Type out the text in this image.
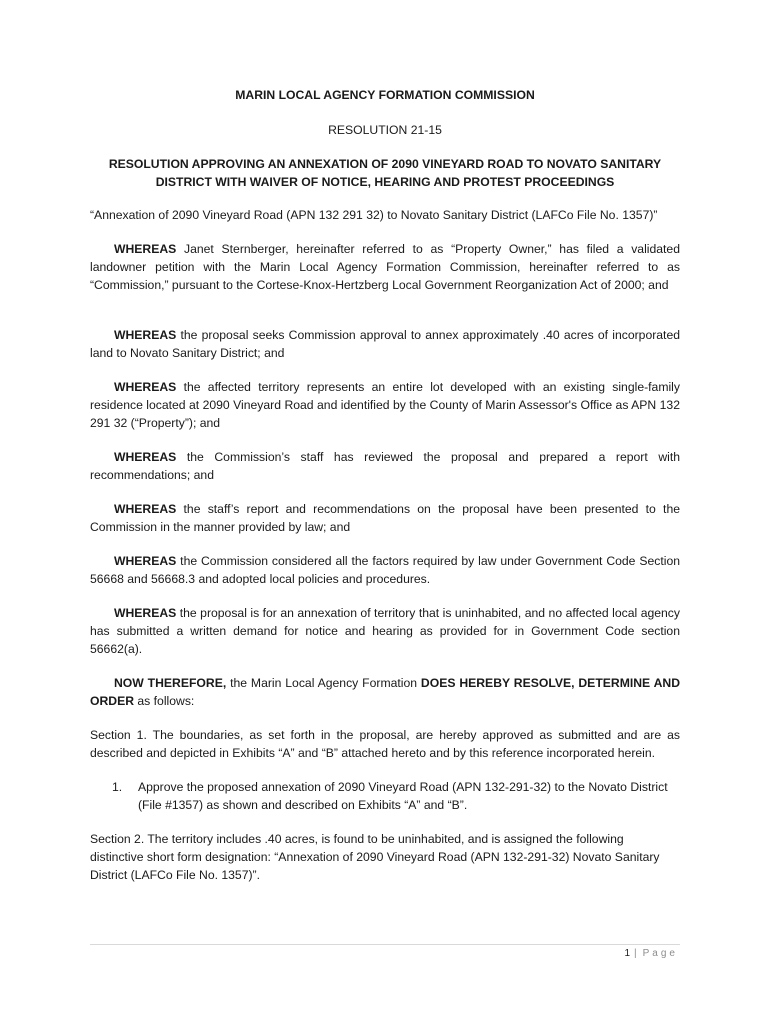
MARIN LOCAL AGENCY FORMATION COMMISSION
RESOLUTION 21-15
RESOLUTION APPROVING AN ANNEXATION OF 2090 VINEYARD ROAD TO NOVATO SANITARY
DISTRICT WITH WAIVER OF NOTICE, HEARING AND PROTEST PROCEEDINGS
“Annexation of 2090 Vineyard Road (APN 132 291 32) to Novato Sanitary District (LAFCo File No. 1357)”
WHEREAS Janet Sternberger, hereinafter referred to as “Property Owner,” has filed a validated landowner petition with the Marin Local Agency Formation Commission, hereinafter referred to as “Commission,” pursuant to the Cortese-Knox-Hertzberg Local Government Reorganization Act of 2000; and
WHEREAS the proposal seeks Commission approval to annex approximately .40 acres of incorporated land to Novato Sanitary District; and
WHEREAS the affected territory represents an entire lot developed with an existing single-family residence located at 2090 Vineyard Road and identified by the County of Marin Assessor's Office as APN 132 291 32 (“Property”); and
WHEREAS the Commission’s staff has reviewed the proposal and prepared a report with recommendations; and
WHEREAS the staff’s report and recommendations on the proposal have been presented to the Commission in the manner provided by law; and
WHEREAS the Commission considered all the factors required by law under Government Code Section 56668 and 56668.3 and adopted local policies and procedures.
WHEREAS the proposal is for an annexation of territory that is uninhabited, and no affected local agency has submitted a written demand for notice and hearing as provided for in Government Code section 56662(a).
NOW THEREFORE, the Marin Local Agency Formation DOES HEREBY RESOLVE, DETERMINE AND ORDER as follows:
Section 1. The boundaries, as set forth in the proposal, are hereby approved as submitted and are as described and depicted in Exhibits “A” and “B” attached hereto and by this reference incorporated herein.
1.	Approve the proposed annexation of 2090 Vineyard Road (APN 132-291-32) to the Novato District (File #1357) as shown and described on Exhibits “A” and “B”.
Section 2. The territory includes .40 acres, is found to be uninhabited, and is assigned the following distinctive short form designation: “Annexation of 2090 Vineyard Road (APN 132-291-32) Novato Sanitary District (LAFCo File No. 1357)”.
1 | Page
